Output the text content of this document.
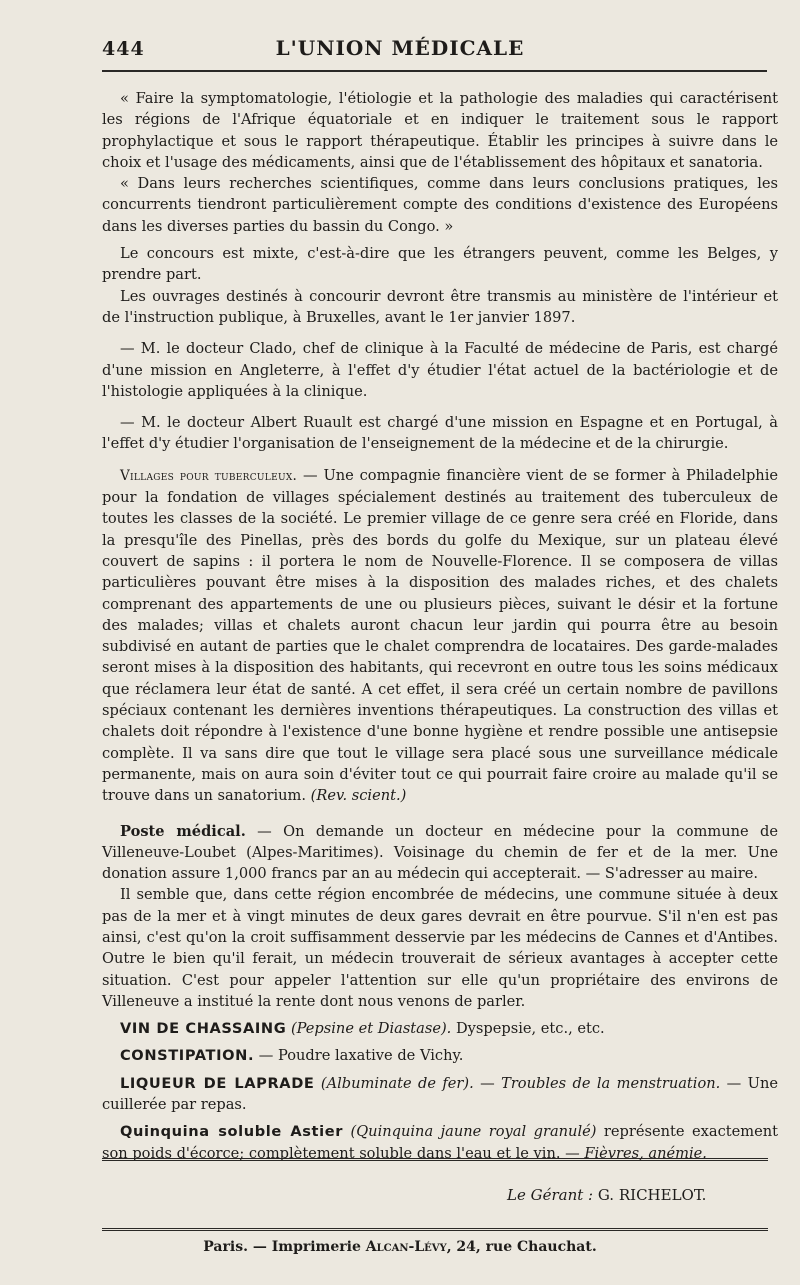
444	L'UNION MÉDICALE

« Faire la symptomatologie, l'étiologie et la pathologie des maladies qui caractérisent les régions de l'Afrique équatoriale et en indiquer le traitement sous le rapport prophylactique et sous le rapport thérapeutique. Établir les principes à suivre dans le choix et l'usage des médicaments, ainsi que de l'établissement des hôpitaux et sanatoria.

« Dans leurs recherches scientifiques, comme dans leurs conclusions pratiques, les concurrents tiendront particulièrement compte des conditions d'existence des Européens dans les diverses parties du bassin du Congo. »

Le concours est mixte, c'est-à-dire que les étrangers peuvent, comme les Belges, y prendre part.

Les ouvrages destinés à concourir devront être transmis au ministère de l'intérieur et de l'instruction publique, à Bruxelles, avant le 1er janvier 1897.

— M. le docteur Clado, chef de clinique à la Faculté de médecine de Paris, est chargé d'une mission en Angleterre, à l'effet d'y étudier l'état actuel de la bactériologie et de l'histologie appliquées à la clinique.

— M. le docteur Albert Ruault est chargé d'une mission en Espagne et en Portugal, à l'effet d'y étudier l'organisation de l'enseignement de la médecine et de la chirurgie.

Villages pour tuberculeux. — Une compagnie financière vient de se former à Philadelphie pour la fondation de villages spécialement destinés au traitement des tuberculeux de toutes les classes de la société. Le premier village de ce genre sera créé en Floride, dans la presqu'île des Pinellas, près des bords du golfe du Mexique, sur un plateau élevé couvert de sapins : il portera le nom de Nouvelle-Florence. Il se composera de villas particulières pouvant être mises à la disposition des malades riches, et des chalets comprenant des appartements de une ou plusieurs pièces, suivant le désir et la fortune des malades; villas et chalets auront chacun leur jardin qui pourra être au besoin subdivisé en autant de parties que le chalet comprendra de locataires. Des garde-malades seront mises à la disposition des habitants, qui recevront en outre tous les soins médicaux que réclamera leur état de santé. A cet effet, il sera créé un certain nombre de pavillons spéciaux contenant les dernières inventions thérapeutiques. La construction des villas et chalets doit répondre à l'existence d'une bonne hygiène et rendre possible une antisepsie complète. Il va sans dire que tout le village sera placé sous une surveillance médicale permanente, mais on aura soin d'éviter tout ce qui pourrait faire croire au malade qu'il se trouve dans un sanatorium. (Rev. scient.)

Poste médical. — On demande un docteur en médecine pour la commune de Villeneuve-Loubet (Alpes-Maritimes). Voisinage du chemin de fer et de la mer. Une donation assure 1,000 francs par an au médecin qui accepterait. — S'adresser au maire.

Il semble que, dans cette région encombrée de médecins, une commune située à deux pas de la mer et à vingt minutes de deux gares devrait en être pourvue. S'il n'en est pas ainsi, c'est qu'on la croit suffisamment desservie par les médecins de Cannes et d'Antibes. Outre le bien qu'il ferait, un médecin trouverait de sérieux avantages à accepter cette situation. C'est pour appeler l'attention sur elle qu'un propriétaire des environs de Villeneuve a institué la rente dont nous venons de parler.

VIN DE CHASSAING (Pepsine et Diastase). Dyspepsie, etc., etc.

CONSTIPATION. — Poudre laxative de Vichy.

LIQUEUR DE LAPRADE (Albuminate de fer). — Troubles de la menstruation. — Une cuillerée par repas.

Quinquina soluble Astier (Quinquina jaune royal granulé) représente exactement son poids d'écorce; complètement soluble dans l'eau et le vin. — Fièvres, anémie.

Le Gérant : G. RICHELOT.
Paris. — Imprimerie Alcan-Lévy, 24, rue Chauchat.
